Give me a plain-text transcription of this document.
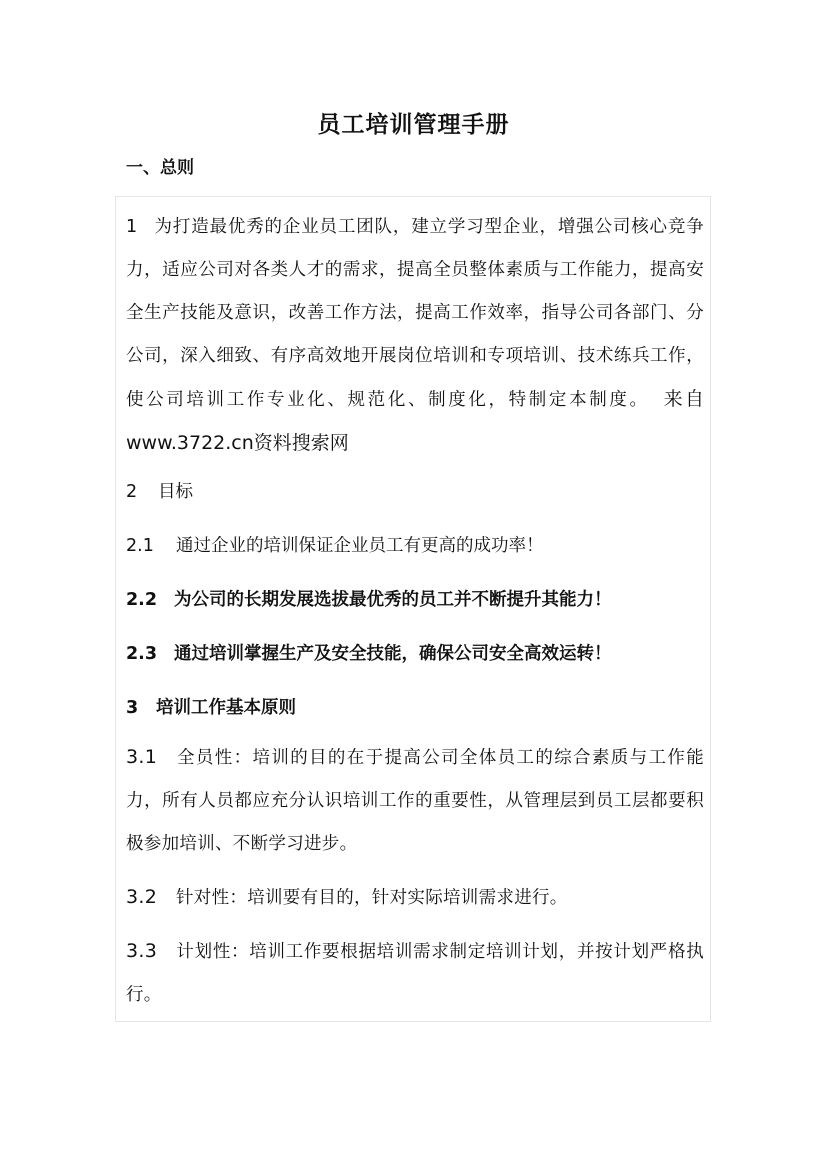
员工培训管理手册
一、总则
1 为打造最优秀的企业员工团队，建立学习型企业，增强公司核心竞争力，适应公司对各类人才的需求，提高全员整体素质与工作能力，提高安全生产技能及意识，改善工作方法，提高工作效率，指导公司各部门、分公司，深入细致、有序高效地开展岗位培训和专项培训、技术练兵工作，使公司培训工作专业化、规范化、制度化，特制定本制度。 来自 www.3722.cn资料搜索网
2 目标
2.1 通过企业的培训保证企业员工有更高的成功率！
2.2 为公司的长期发展选拔最优秀的员工并不断提升其能力！
2.3 通过培训掌握生产及安全技能，确保公司安全高效运转！
3 培训工作基本原则
3.1 全员性：培训的目的在于提高公司全体员工的综合素质与工作能力，所有人员都应充分认识培训工作的重要性，从管理层到员工层都要积极参加培训、不断学习进步。
3.2 针对性：培训要有目的，针对实际培训需求进行。
3.3 计划性：培训工作要根据培训需求制定培训计划，并按计划严格执行。
